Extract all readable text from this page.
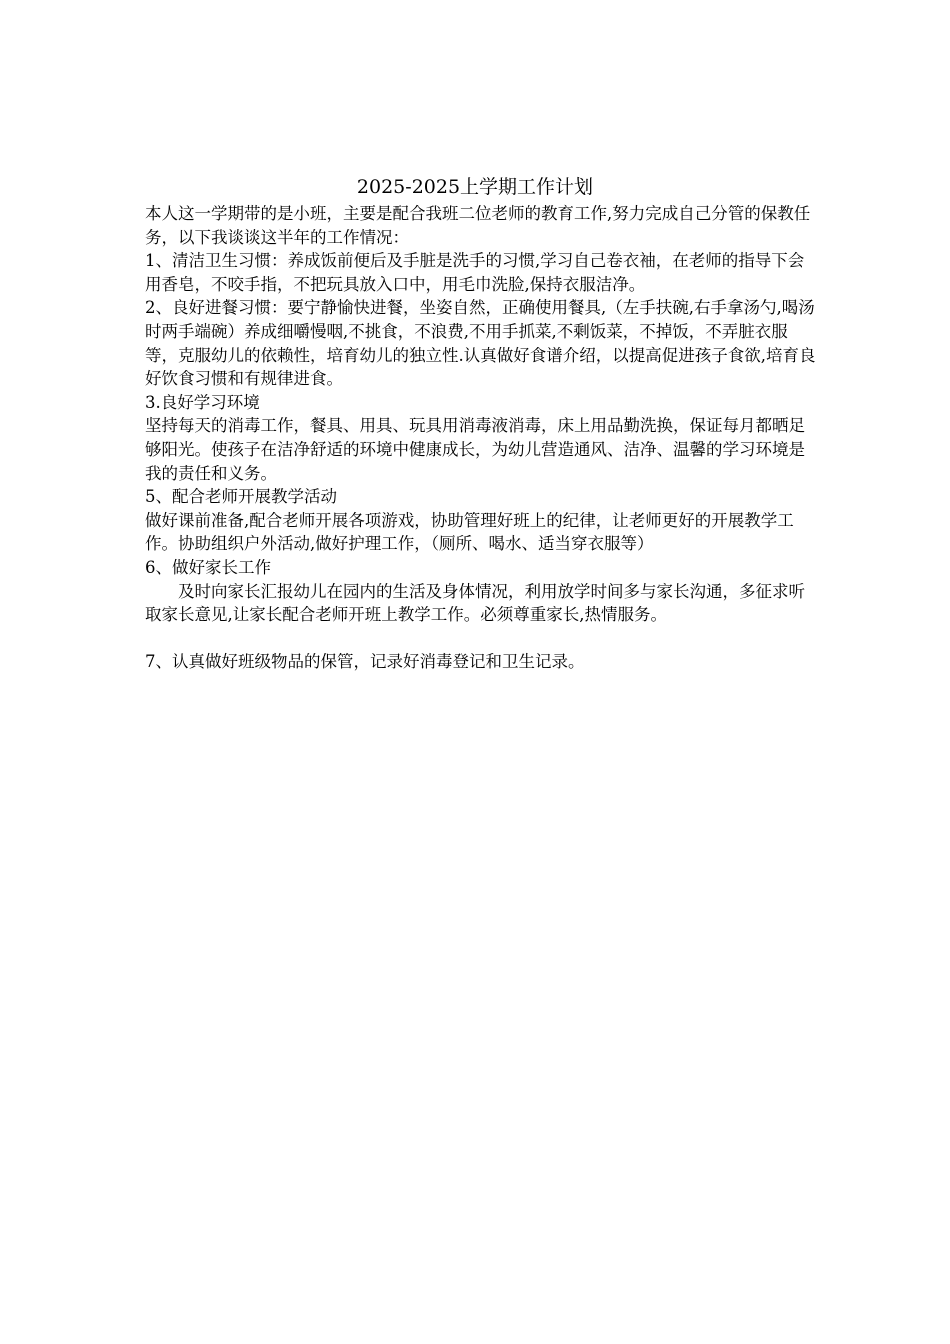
2025-2025上学期工作计划

本人这一学期带的是小班，主要是配合我班二位老师的教育工作,努力完成自己分管的保教任务，以下我谈谈这半年的工作情况：

1、清洁卫生习惯：养成饭前便后及手脏是洗手的习惯,学习自己卷衣袖，在老师的指导下会用香皂，不咬手指，不把玩具放入口中，用毛巾洗脸,保持衣服洁净。

2、良好进餐习惯：要宁静愉快进餐，坐姿自然，正确使用餐具,（左手扶碗,右手拿汤勺,喝汤时两手端碗）养成细嚼慢咽,不挑食，不浪费,不用手抓菜,不剩饭菜，不掉饭，不弄脏衣服等，克服幼儿的依赖性，培育幼儿的独立性.认真做好食谱介绍，以提高促进孩子食欲,培育良好饮食习惯和有规律进食。

3.良好学习环境

坚持每天的消毒工作，餐具、用具、玩具用消毒液消毒，床上用品勤洗换，保证每月都晒足够阳光。使孩子在洁净舒适的环境中健康成长，为幼儿营造通风、洁净、温馨的学习环境是我的责任和义务。

5、配合老师开展教学活动

做好课前准备,配合老师开展各项游戏，协助管理好班上的纪律，让老师更好的开展教学工作。协助组织户外活动,做好护理工作，（厕所、喝水、适当穿衣服等）

6、做好家长工作

及时向家长汇报幼儿在园内的生活及身体情况，利用放学时间多与家长沟通，多征求听取家长意见,让家长配合老师开班上教学工作。必须尊重家长,热情服务。

7、认真做好班级物品的保管，记录好消毒登记和卫生记录。
